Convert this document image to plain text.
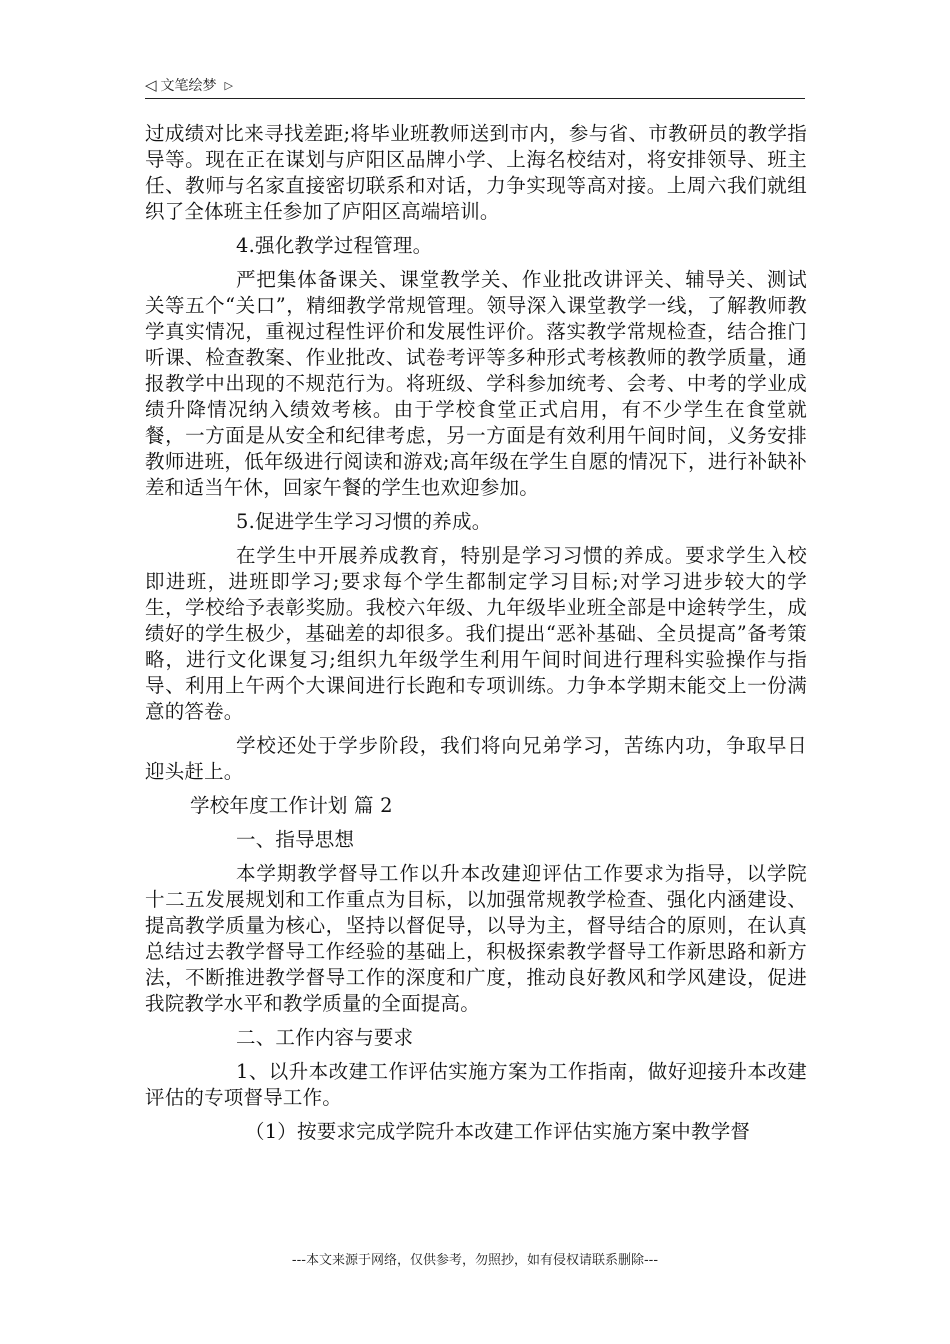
◁ 文笔绘梦 ▷

过成绩对比来寻找差距;将毕业班教师送到市内，参与省、市教研员的教学指导等。现在正在谋划与庐阳区品牌小学、上海名校结对，将安排领导、班主任、教师与名家直接密切联系和对话，力争实现等高对接。上周六我们就组织了全体班主任参加了庐阳区高端培训。

4.强化教学过程管理。

严把集体备课关、课堂教学关、作业批改讲评关、辅导关、测试关等五个“关口”，精细教学常规管理。领导深入课堂教学一线，了解教师教学真实情况，重视过程性评价和发展性评价。落实教学常规检查，结合推门听课、检查教案、作业批改、试卷考评等多种形式考核教师的教学质量，通报教学中出现的不规范行为。将班级、学科参加统考、会考、中考的学业成绩升降情况纳入绩效考核。由于学校食堂正式启用，有不少学生在食堂就餐，一方面是从安全和纪律考虑，另一方面是有效利用午间时间，义务安排教师进班，低年级进行阅读和游戏;高年级在学生自愿的情况下，进行补缺补差和适当午休，回家午餐的学生也欢迎参加。

5.促进学生学习习惯的养成。

在学生中开展养成教育，特别是学习习惯的养成。要求学生入校即进班，进班即学习;要求每个学生都制定学习目标;对学习进步较大的学生，学校给予表彰奖励。我校六年级、九年级毕业班全部是中途转学生，成绩好的学生极少，基础差的却很多。我们提出“恶补基础、全员提高”备考策略，进行文化课复习;组织九年级学生利用午间时间进行理科实验操作与指导、利用上午两个大课间进行长跑和专项训练。力争本学期末能交上一份满意的答卷。

学校还处于学步阶段，我们将向兄弟学习，苦练内功，争取早日迎头赶上。

学校年度工作计划 篇 2

一、指导思想

本学期教学督导工作以升本改建迎评估工作要求为指导，以学院十二五发展规划和工作重点为目标，以加强常规教学检查、强化内涵建设、提高教学质量为核心，坚持以督促导，以导为主，督导结合的原则，在认真总结过去教学督导工作经验的基础上，积极探索教学督导工作新思路和新方法，不断推进教学督导工作的深度和广度，推动良好教风和学风建设，促进我院教学水平和教学质量的全面提高。

二、工作内容与要求

1、以升本改建工作评估实施方案为工作指南，做好迎接升本改建评估的专项督导工作。

（1）按要求完成学院升本改建工作评估实施方案中教学督

---本文来源于网络，仅供参考，勿照抄，如有侵权请联系删除---
